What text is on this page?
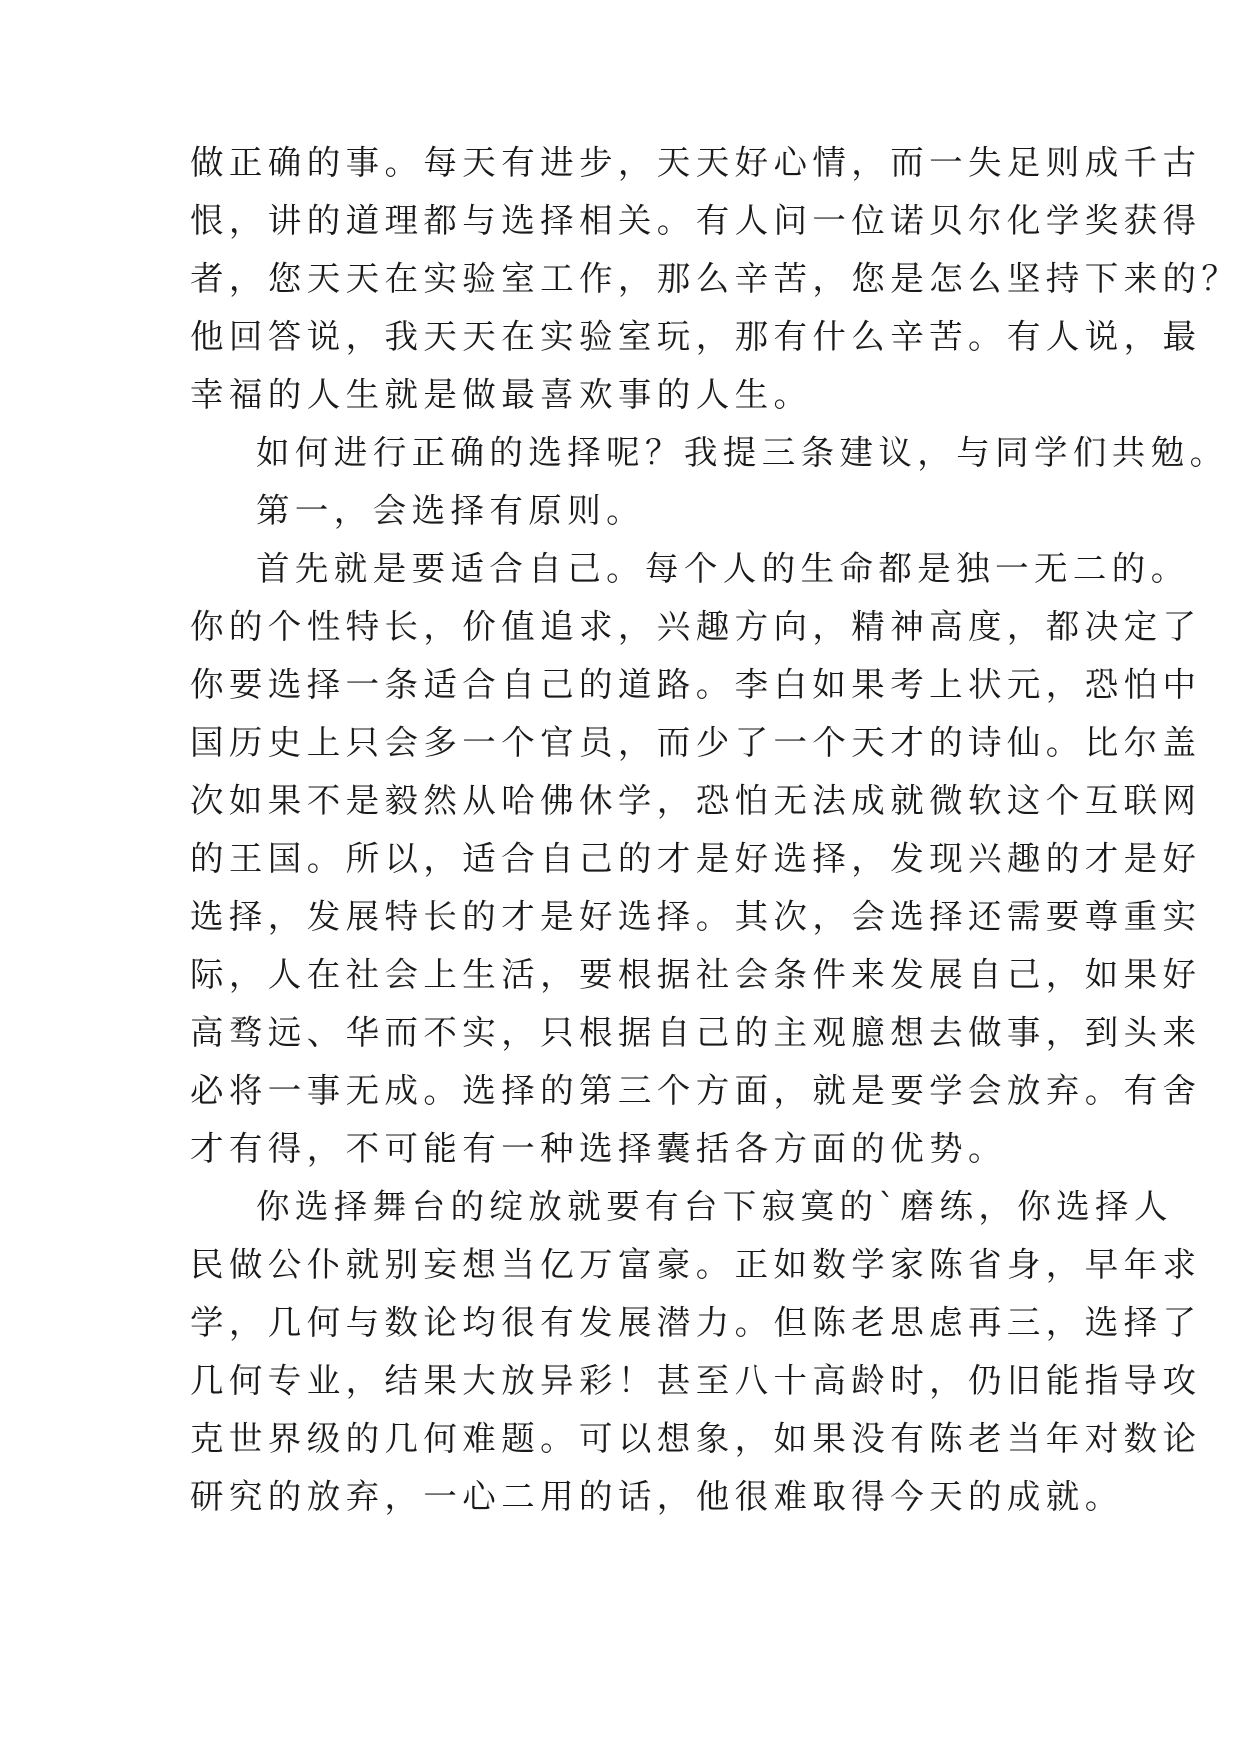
做正确的事。每天有进步，天天好心情，而一失足则成千古
恨，讲的道理都与选择相关。有人问一位诺贝尔化学奖获得
者，您天天在实验室工作，那么辛苦，您是怎么坚持下来的？
他回答说，我天天在实验室玩，那有什么辛苦。有人说，最
幸福的人生就是做最喜欢事的人生。
如何进行正确的选择呢？我提三条建议，与同学们共勉。
第一，会选择有原则。
首先就是要适合自己。每个人的生命都是独一无二的。
你的个性特长，价值追求，兴趣方向，精神高度，都决定了
你要选择一条适合自己的道路。李白如果考上状元，恐怕中
国历史上只会多一个官员，而少了一个天才的诗仙。比尔盖
次如果不是毅然从哈佛休学，恐怕无法成就微软这个互联网
的王国。所以，适合自己的才是好选择，发现兴趣的才是好
选择，发展特长的才是好选择。其次，会选择还需要尊重实
际，人在社会上生活，要根据社会条件来发展自己，如果好
高骛远、华而不实，只根据自己的主观臆想去做事，到头来
必将一事无成。选择的第三个方面，就是要学会放弃。有舍
才有得，不可能有一种选择囊括各方面的优势。
你选择舞台的绽放就要有台下寂寞的`磨练，你选择人
民做公仆就别妄想当亿万富豪。正如数学家陈省身，早年求
学，几何与数论均很有发展潜力。但陈老思虑再三，选择了
几何专业，结果大放异彩！甚至八十高龄时，仍旧能指导攻
克世界级的几何难题。可以想象，如果没有陈老当年对数论
研究的放弃，一心二用的话，他很难取得今天的成就。
